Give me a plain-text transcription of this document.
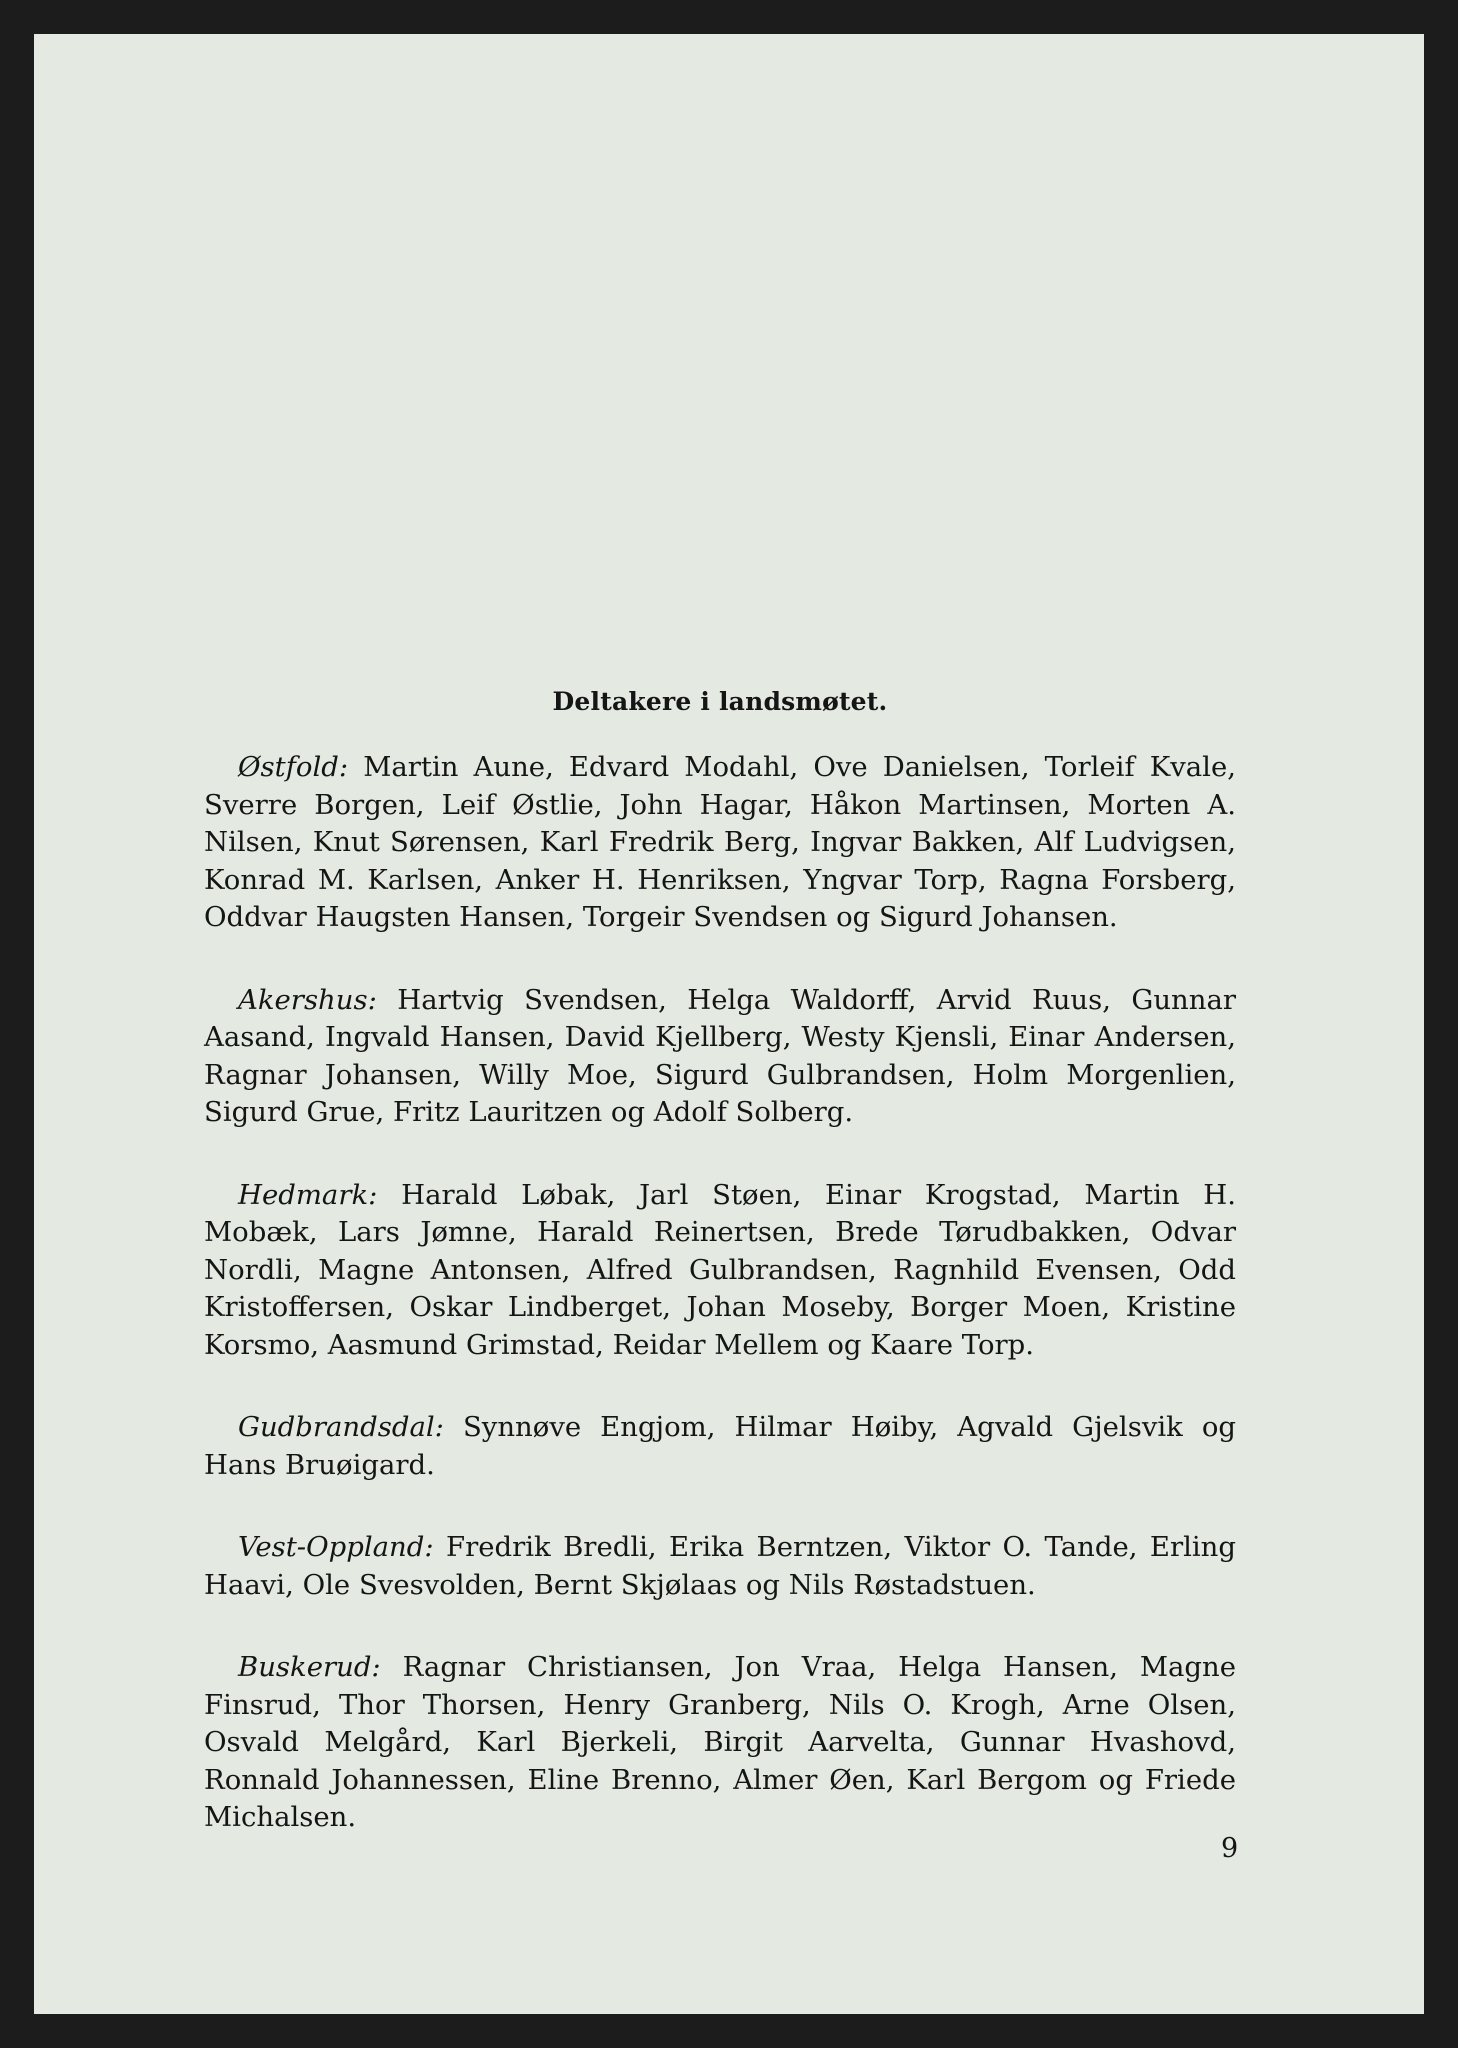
Deltakere i landsmøtet.

Østfold: Martin Aune, Edvard Modahl, Ove Danielsen, Torleif Kvale, Sverre Borgen, Leif Østlie, John Hagar, Håkon Martinsen, Morten A. Nilsen, Knut Sørensen, Karl Fredrik Berg, Ingvar Bakken, Alf Ludvigsen, Konrad M. Karlsen, Anker H. Henriksen, Yngvar Torp, Ragna Forsberg, Oddvar Haugsten Hansen, Torgeir Svendsen og Sigurd Johansen.

Akershus: Hartvig Svendsen, Helga Waldorff, Arvid Ruus, Gunnar Aasand, Ingvald Hansen, David Kjellberg, Westy Kjensli, Einar Andersen, Ragnar Johansen, Willy Moe, Sigurd Gulbrandsen, Holm Morgenlien, Sigurd Grue, Fritz Lauritzen og Adolf Solberg.

Hedmark: Harald Løbak, Jarl Støen, Einar Krogstad, Martin H. Mobæk, Lars Jømne, Harald Reinertsen, Brede Tørudbakken, Odvar Nordli, Magne Antonsen, Alfred Gulbrandsen, Ragnhild Evensen, Odd Kristoffersen, Oskar Lindberget, Johan Moseby, Borger Moen, Kristine Korsmo, Aasmund Grimstad, Reidar Mellem og Kaare Torp.

Gudbrandsdal: Synnøve Engjom, Hilmar Høiby, Agvald Gjelsvik og Hans Bruøigard.

Vest-Oppland: Fredrik Bredli, Erika Berntzen, Viktor O. Tande, Erling Haavi, Ole Svesvolden, Bernt Skjølaas og Nils Røstadstuen.

Buskerud: Ragnar Christiansen, Jon Vraa, Helga Hansen, Magne Finsrud, Thor Thorsen, Henry Granberg, Nils O. Krogh, Arne Olsen, Osvald Melgård, Karl Bjerkeli, Birgit Aarvelta, Gunnar Hvashovd, Ronnald Johannessen, Eline Brenno, Almer Øen, Karl Bergom og Friede Michalsen.

9
